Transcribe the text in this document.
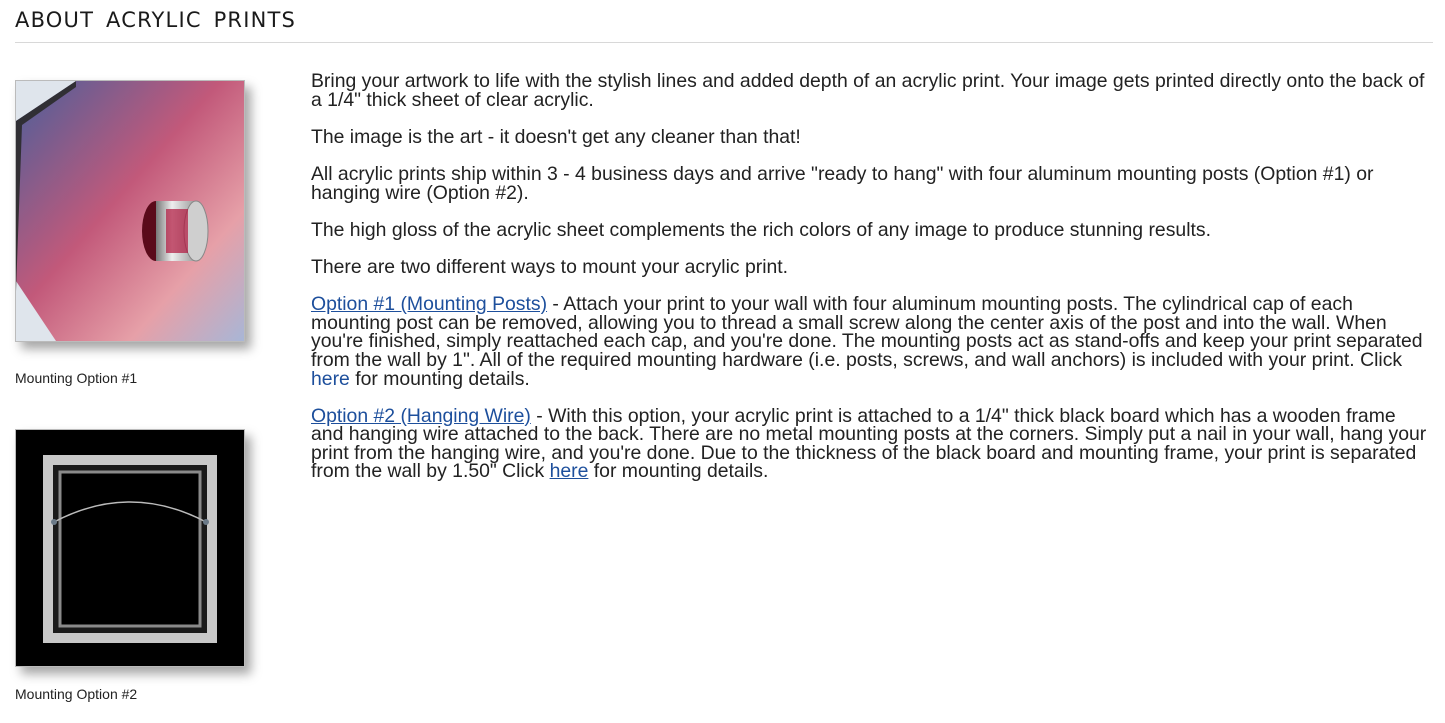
ABOUT ACRYLIC PRINTS
Mounting Option #1
Mounting Option #2

Bring your artwork to life with the stylish lines and added depth of an acrylic print. Your image gets printed directly onto the back of a 1/4" thick sheet of clear acrylic.

The image is the art - it doesn't get any cleaner than that!

All acrylic prints ship within 3 - 4 business days and arrive "ready to hang" with four aluminum mounting posts (Option #1) or hanging wire (Option #2).

The high gloss of the acrylic sheet complements the rich colors of any image to produce stunning results.

There are two different ways to mount your acrylic print.

Option #1 (Mounting Posts) - Attach your print to your wall with four aluminum mounting posts. The cylindrical cap of each mounting post can be removed, allowing you to thread a small screw along the center axis of the post and into the wall. When you're finished, simply reattached each cap, and you're done. The mounting posts act as stand-offs and keep your print separated from the wall by 1". All of the required mounting hardware (i.e. posts, screws, and wall anchors) is included with your print. Click here for mounting details.

Option #2 (Hanging Wire) - With this option, your acrylic print is attached to a 1/4" thick black board which has a wooden frame and hanging wire attached to the back. There are no metal mounting posts at the corners. Simply put a nail in your wall, hang your print from the hanging wire, and you're done. Due to the thickness of the black board and mounting frame, your print is separated from the wall by 1.50" Click here for mounting details.
